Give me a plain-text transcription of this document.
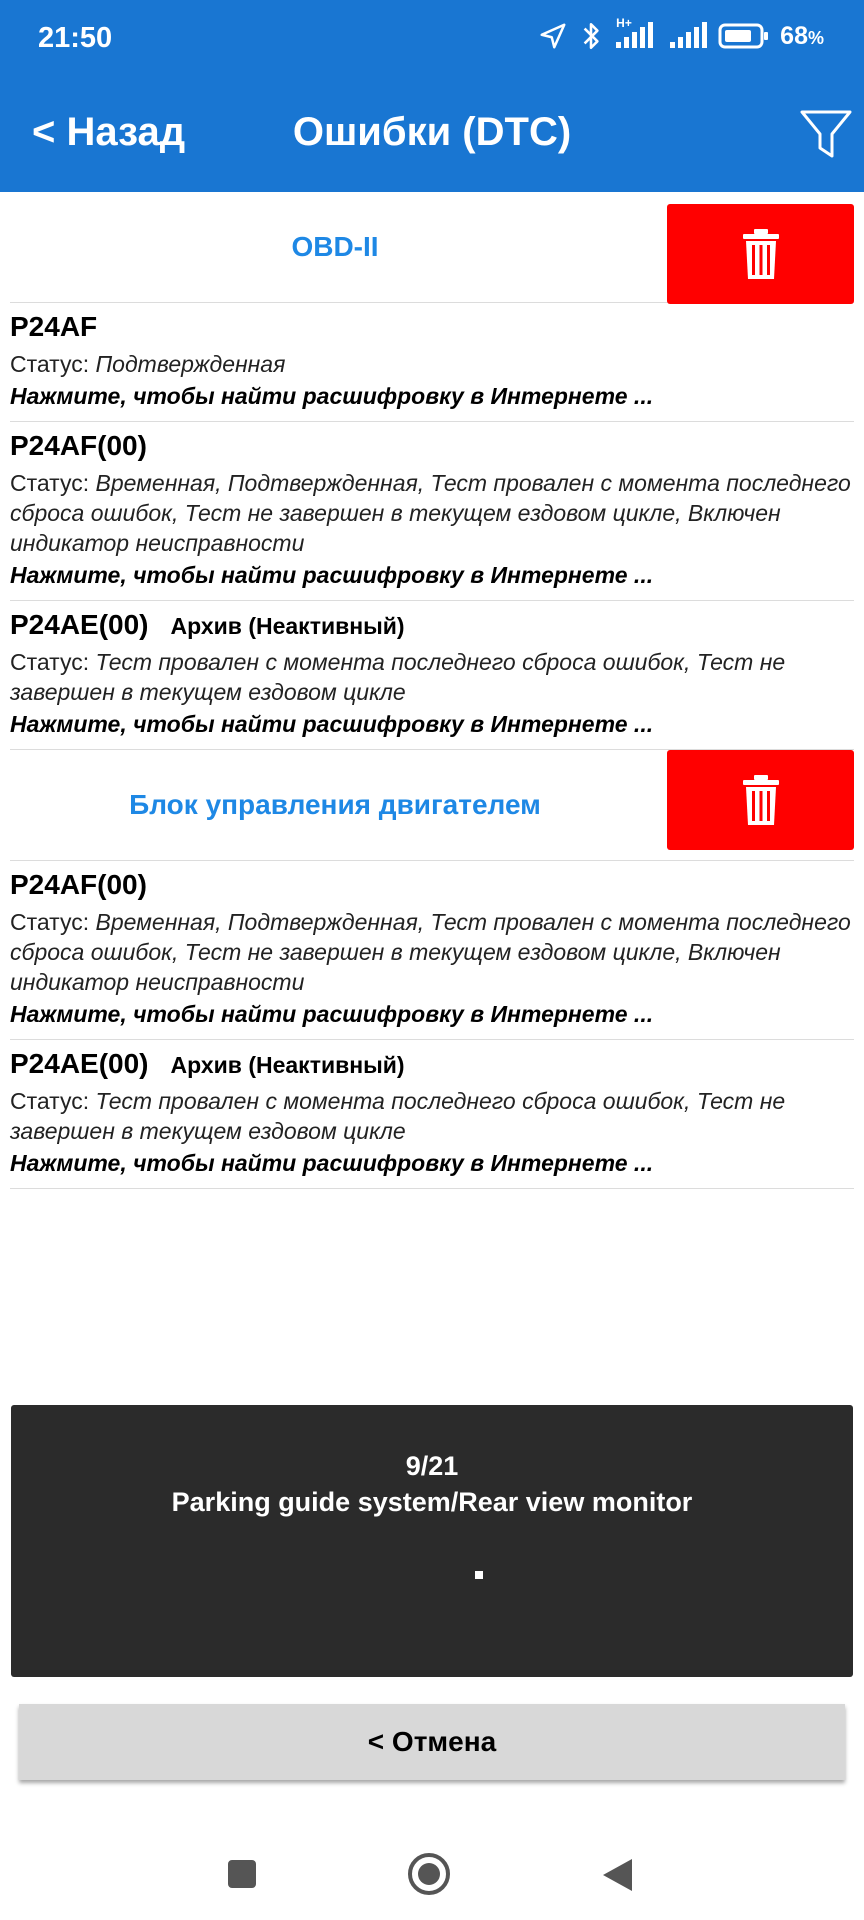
21:50	H+	68%
Ошибки (DTC)
< Назад
OBD-II
P24AF
Статус: Подтвержденная
Нажмите, чтобы найти расшифровку в Интернете ...
P24AF(00)
Статус: Временная, Подтвержденная, Тест провален с момента последнего сброса ошибок, Тест не завершен в текущем ездовом цикле, Включен индикатор неисправности
Нажмите, чтобы найти расшифровку в Интернете ...
P24AE(00) Архив (Неактивный)
Статус: Тест провален с момента последнего сброса ошибок, Тест не завершен в текущем ездовом цикле
Нажмите, чтобы найти расшифровку в Интернете ...
Блок управления двигателем
P24AF(00)
Статус: Временная, Подтвержденная, Тест провален с момента последнего сброса ошибок, Тест не завершен в текущем ездовом цикле, Включен индикатор неисправности
Нажмите, чтобы найти расшифровку в Интернете ...
P24AE(00) Архив (Неактивный)
Статус: Тест провален с момента последнего сброса ошибок, Тест не завершен в текущем ездовом цикле
Нажмите, чтобы найти расшифровку в Интернете ...
9/21
Parking guide system/Rear view monitor
< Отмена
